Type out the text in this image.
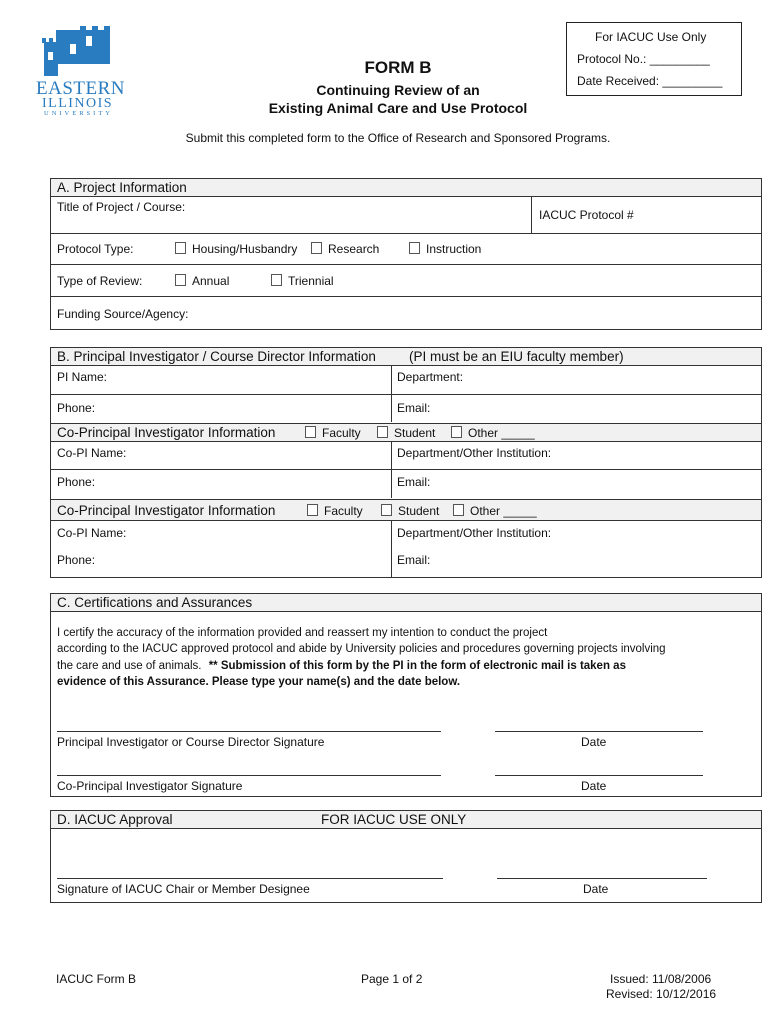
EASTERN
ILLINOIS
UNIVERSITY
For IACUC Use Only
Protocol No.: _________
Date Received: _________
FORM B
Continuing Review of an
Existing Animal Care and Use Protocol
Submit this completed form to the Office of Research and Sponsored Programs.
A. Project Information
Title of Project / Course:
IACUC Protocol #
Protocol Type:	Housing/Husbandry	Research	Instruction
Type of Review:	Annual	Triennial
Funding Source/Agency:
B. Principal Investigator / Course Director Information (PI must be an EIU faculty member)
PI Name:	Department:
Phone:	Email:
Co-Principal Investigator Information	Faculty	Student	Other _____
Co-PI Name:	Department/Other Institution:
Phone:	Email:
Co-Principal Investigator Information	Faculty	Student	Other _____
Co-PI Name:	Department/Other Institution:
Phone:	Email:
C. Certifications and Assurances
I certify the accuracy of the information provided and reassert my intention to conduct the project
according to the IACUC approved protocol and abide by University policies and procedures governing projects involving
the care and use of animals. ** Submission of this form by the PI in the form of electronic mail is taken as
evidence of this Assurance. Please type your name(s) and the date below.
Principal Investigator or Course Director Signature	Date
Co-Principal Investigator Signature	Date
D. IACUC Approval	FOR IACUC USE ONLY
Signature of IACUC Chair or Member Designee	Date
IACUC Form B	Page 1 of 2	Issued: 11/08/2006
Revised: 10/12/2016
